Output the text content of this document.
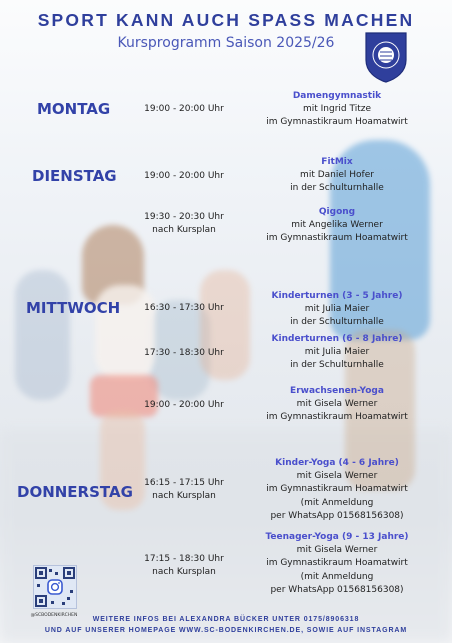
SPORT KANN AUCH SPASS MACHEN
Kursprogramm Saison 2025/26
MONTAG
DIENSTAG
MITTWOCH
DONNERSTAG
19:00 - 20:00 Uhr
Damengymnastik
mit Ingrid Titze
im Gymnastikraum Hoamatwirt
19:00 - 20:00 Uhr
FitMix
mit Daniel Hofer
in der Schulturnhalle
19:30 - 20:30 Uhr
nach Kursplan
Qigong
mit Angelika Werner
im Gymnastikraum Hoamatwirt
16:30 - 17:30 Uhr
Kinderturnen (3 - 5 Jahre)
mit Julia Maier
in der Schulturnhalle
17:30 - 18:30 Uhr
Kinderturnen (6 - 8 Jahre)
mit Julia Maier
in der Schulturnhalle
19:00 - 20:00 Uhr
Erwachsenen-Yoga
mit Gisela Werner
im Gymnastikraum Hoamatwirt
16:15 - 17:15 Uhr
nach Kursplan
Kinder-Yoga (4 - 6 Jahre)
mit Gisela Werner
im Gymnastikraum Hoamatwirt
(mit Anmeldung
per WhatsApp 01568156308)
17:15 - 18:30 Uhr
nach Kursplan
Teenager-Yoga (9 - 13 Jahre)
mit Gisela Werner
im Gymnastikraum Hoamatwirt
(mit Anmeldung
per WhatsApp 01568156308)
@SCBODENKIRCHEN
WEITERE INFOS BEI ALEXANDRA BÜCKER UNTER 0175/8906318
UND AUF UNSERER HOMEPAGE WWW.SC-BODENKIRCHEN.DE, SOWIE AUF INSTAGRAM
